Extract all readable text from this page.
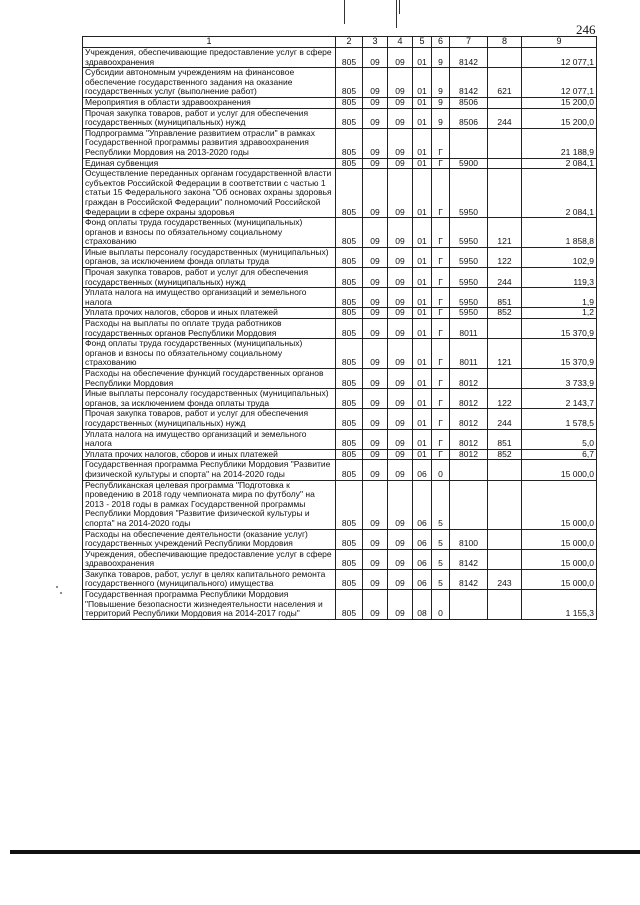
246
1	2	3	4	5	6	7	8	9
Учреждения, обеспечивающие предоставление услуг в сфере здравоохранения	805	09	09	01	9	8142		12 077,1
Субсидии автономным учреждениям на финансовое обеспечение государственного задания на оказание государственных услуг (выполнение работ)	805	09	09	01	9	8142	621	12 077,1
Мероприятия в области здравоохранения	805	09	09	01	9	8506		15 200,0
Прочая закупка товаров, работ и услуг для обеспечения государственных (муниципальных) нужд	805	09	09	01	9	8506	244	15 200,0
Подпрограмма "Управление развитием отрасли" в рамках Государственной программы развития здравоохранения Республики Мордовия на 2013-2020 годы	805	09	09	01	Г			21 188,9
Единая субвенция	805	09	09	01	Г	5900		2 084,1
Осуществление переданных органам государственной власти субъектов Российской Федерации в соответствии с частью 1 статьи 15 Федерального закона "Об основах охраны здоровья граждан в Российской Федерации" полномочий Российской Федерации в сфере охраны здоровья	805	09	09	01	Г	5950		2 084,1
Фонд оплаты труда государственных (муниципальных) органов и взносы по обязательному социальному страхованию	805	09	09	01	Г	5950	121	1 858,8
Иные выплаты персоналу государственных (муниципальных) органов, за исключением фонда оплаты труда	805	09	09	01	Г	5950	122	102,9
Прочая закупка товаров, работ и услуг для обеспечения государственных (муниципальных) нужд	805	09	09	01	Г	5950	244	119,3
Уплата налога на имущество организаций и земельного налога	805	09	09	01	Г	5950	851	1,9
Уплата прочих налогов, сборов и иных платежей	805	09	09	01	Г	5950	852	1,2
Расходы на выплаты по оплате труда работников государственных органов Республики Мордовия	805	09	09	01	Г	8011		15 370,9
Фонд оплаты труда государственных (муниципальных) органов и взносы по обязательному социальному страхованию	805	09	09	01	Г	8011	121	15 370,9
Расходы на обеспечение функций государственных органов Республики Мордовия	805	09	09	01	Г	8012		3 733,9
Иные выплаты персоналу государственных (муниципальных) органов, за исключением фонда оплаты труда	805	09	09	01	Г	8012	122	2 143,7
Прочая закупка товаров, работ и услуг для обеспечения государственных (муниципальных) нужд	805	09	09	01	Г	8012	244	1 578,5
Уплата налога на имущество организаций и земельного налога	805	09	09	01	Г	8012	851	5,0
Уплата прочих налогов, сборов и иных платежей	805	09	09	01	Г	8012	852	6,7
Государственная программа Республики Мордовия "Развитие физической культуры и спорта" на 2014-2020 годы	805	09	09	06	0			15 000,0
Республиканская целевая программа "Подготовка к проведению в 2018 году чемпионата мира по футболу" на 2013 - 2018 годы в рамках Государственной программы Республики Мордовия "Развитие физической культуры и спорта" на 2014-2020 годы	805	09	09	06	5			15 000,0
Расходы на обеспечение деятельности (оказание услуг) государственных учреждений Республики Мордовия	805	09	09	06	5	8100		15 000,0
Учреждения, обеспечивающие предоставление услуг в сфере здравоохранения	805	09	09	06	5	8142		15 000,0
Закупка товаров, работ, услуг в целях капитального ремонта государственного (муниципального) имущества	805	09	09	06	5	8142	243	15 000,0
Государственная программа Республики Мордовия "Повышение безопасности жизнедеятельности населения и территорий Республики Мордовия на 2014-2017 годы"	805	09	09	08	0			1 155,3
